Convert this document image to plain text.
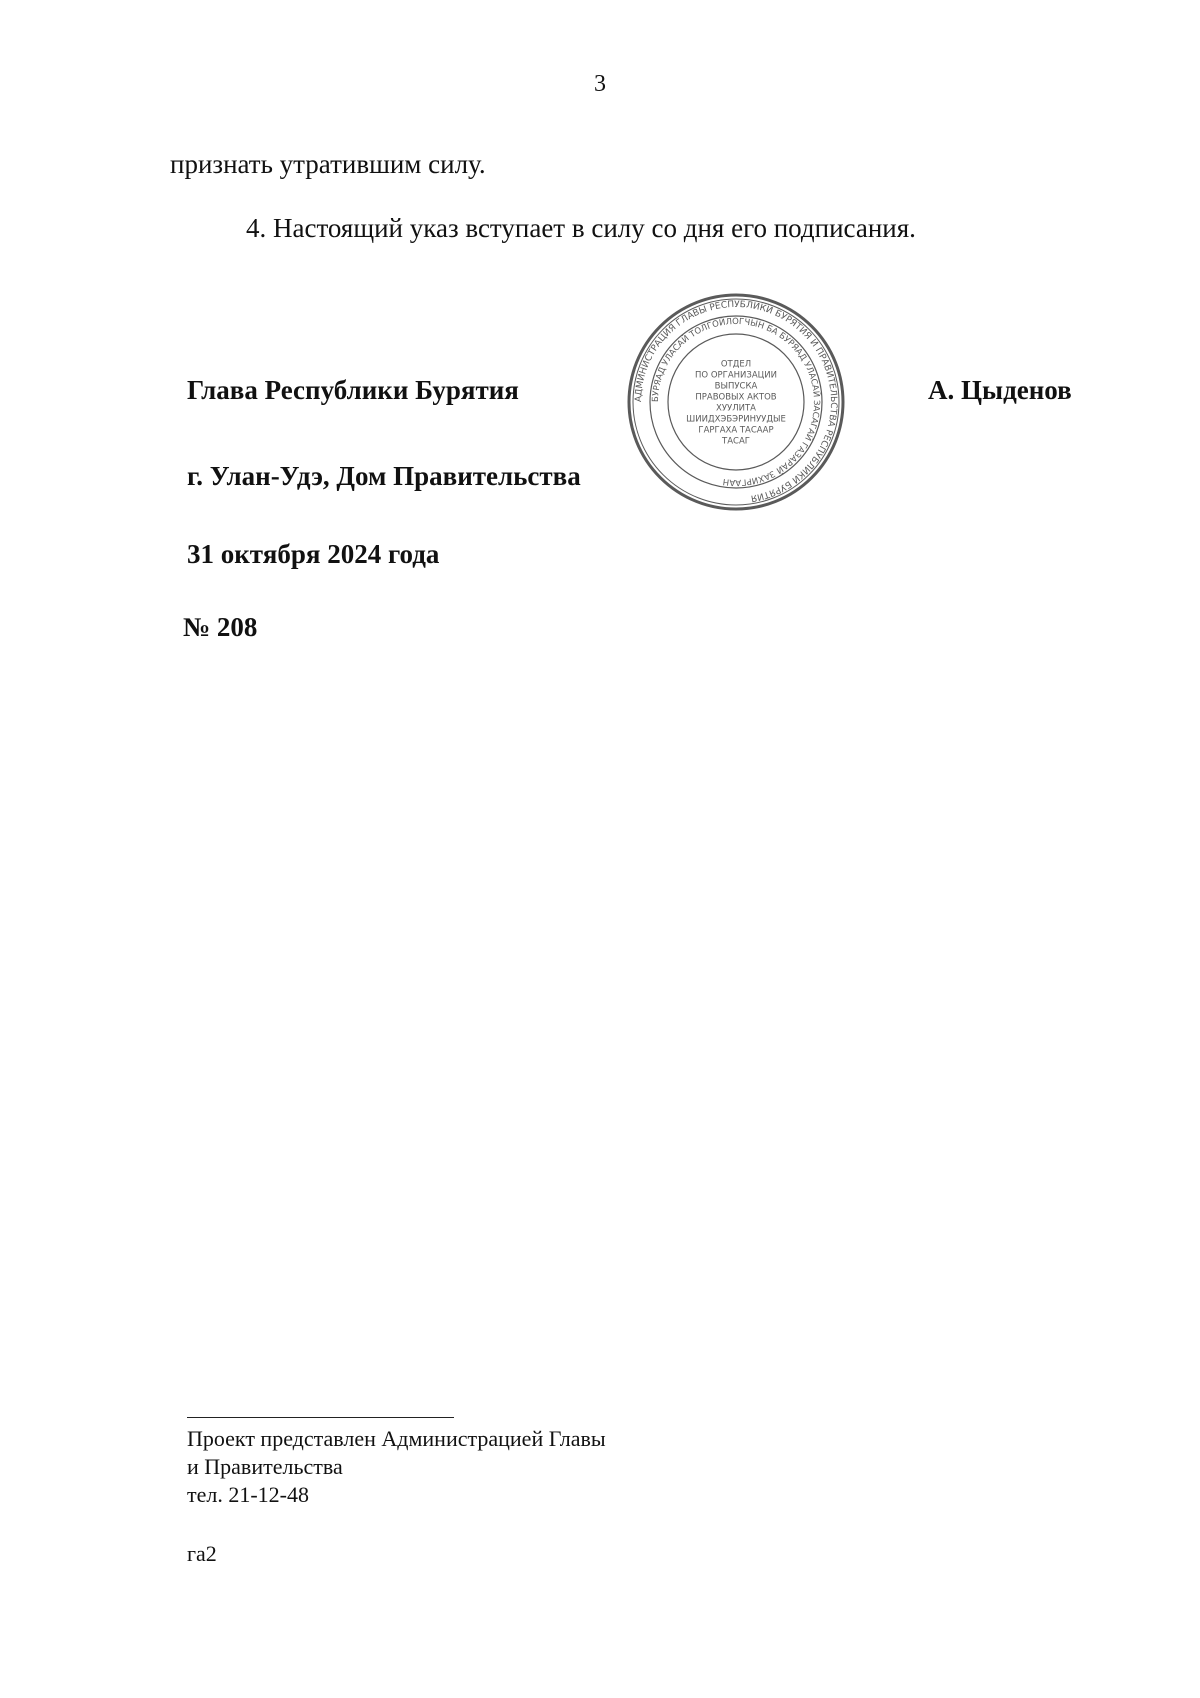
3
признать утратившим силу.
4. Настоящий указ вступает в силу со дня его подписания.
Глава Республики Бурятия	А. Цыденов
г. Улан-Удэ, Дом Правительства
31 октября 2024 года
№ 208
АДМИНИСТРАЦИЯ ГЛАВЫ РЕСПУБЛИКИ БУРЯТИЯ И ПРАВИТЕЛЬСТВА РЕСПУБЛИКИ БУРЯТИЯ
БУРЯАД УЛАСАЙ ТОЛГОЙЛОГЧЫН БА БУРЯАД УЛАСАЙ ЗАСАГАЙ ГАЗАРАЙ ЗАХИРГААН
ОТДЕЛ
ПО ОРГАНИЗАЦИИ
ВЫПУСКА
ПРАВОВЫХ АКТОВ
ХУУЛИТА
ШИИДХЭБЭРИНУУДЫЕ
ГАРГАХА ТАСААР
ТАСАГ
Проект представлен Администрацией Главы
и Правительства
тел. 21-12-48
га2
